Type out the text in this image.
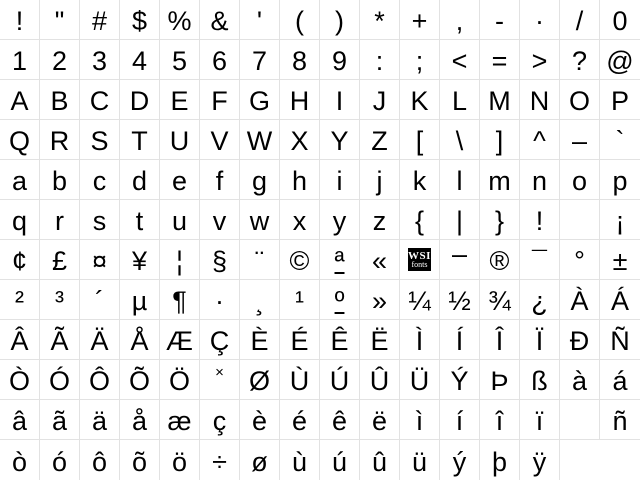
! " # $ % & ' ( ) * + , - · / 0
1 2 3 4 5 6 7 8 9 : ; < = > ? @
A B C D E F G H I J K L M N O P
Q R S T U V W X Y Z [ \ ] ^ – `
a b c d e f g h i j k l m n o p
q r s t u v w x y z { | } !	¡
¢ £ ¤ ¥ ¦ § ¨ © ª « WSI
fonts – ® ¯ ° ±
² ³ ´ µ ¶ · ¸ ¹ º » ¼ ½ ¾ ¿ À Á
Â Ã Ä Å Æ Ç È É Ê Ë Ì Í Î Ï Ð Ñ
Ò Ó Ô Õ Ö × Ø Ù Ú Û Ü Ý Þ ß à á
â ã ä å æ ç è é ê ë ì í î ï	ñ
ò ó ô õ ö ÷ ø ù ú û ü ý þ ÿ
